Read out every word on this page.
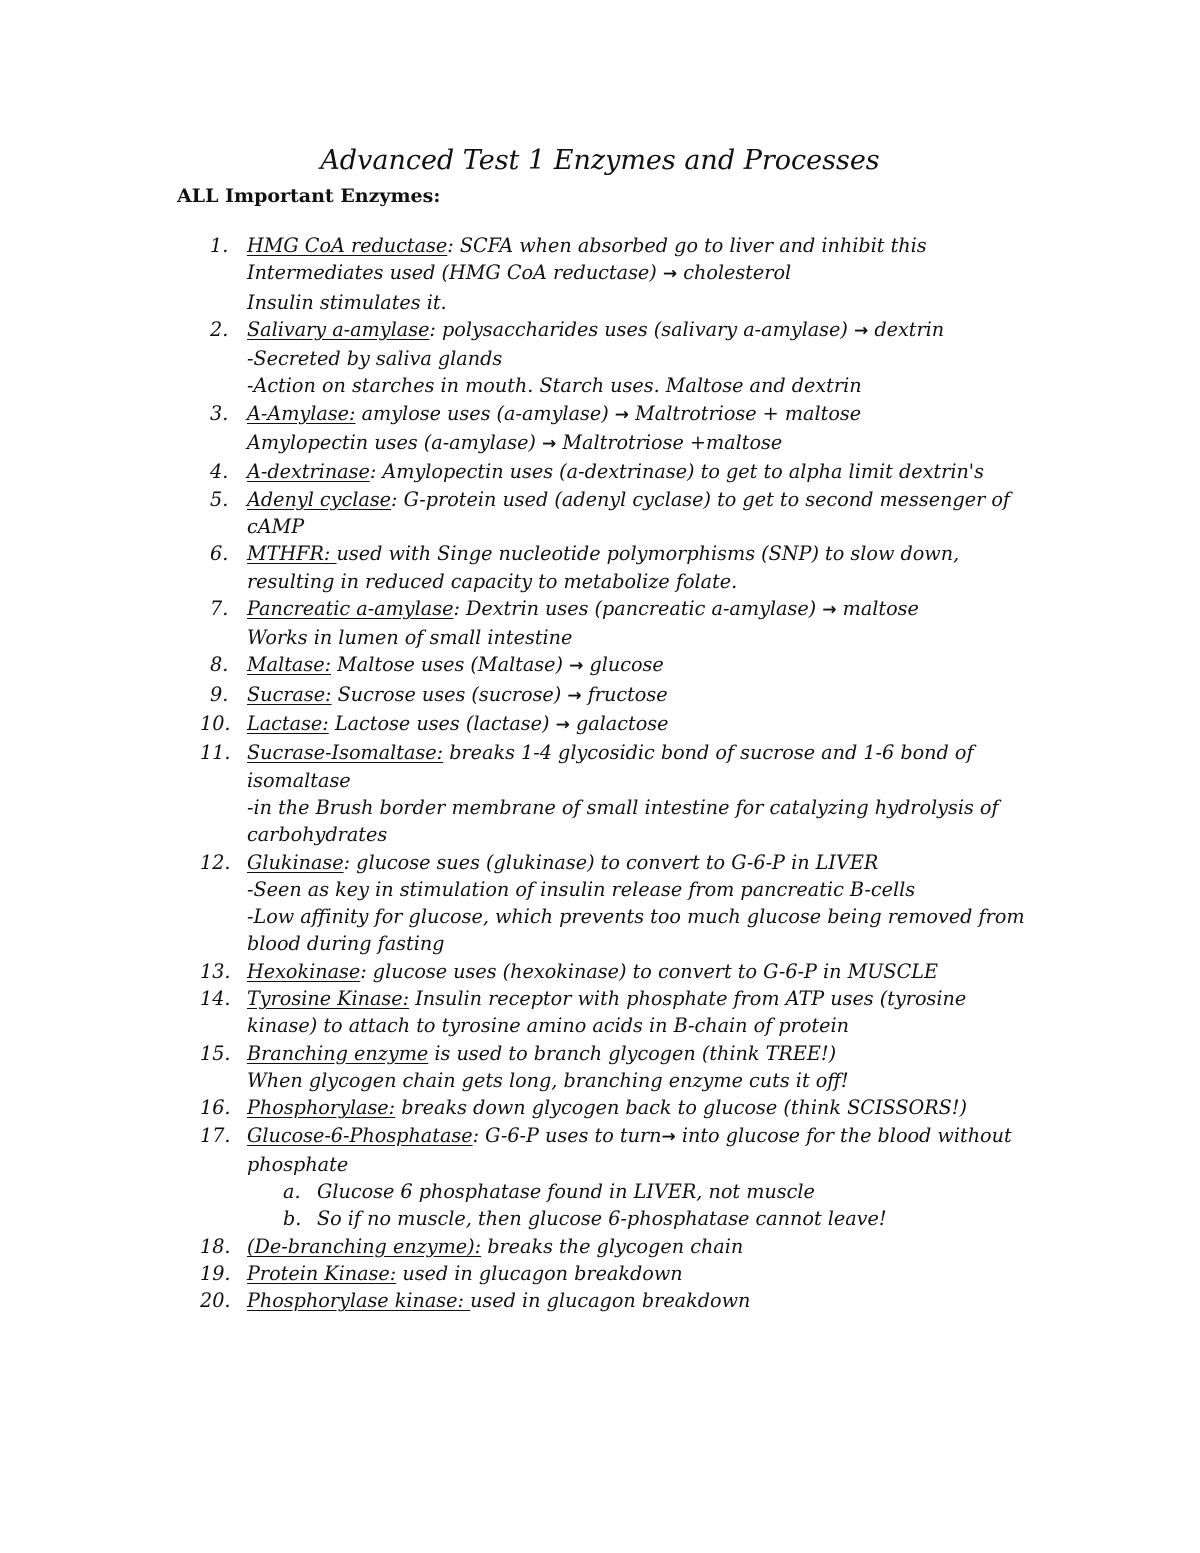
Advanced Test 1 Enzymes and Processes
ALL Important Enzymes:
1. HMG CoA reductase: SCFA when absorbed go to liver and inhibit this
Intermediates used (HMG CoA reductase) → cholesterol
Insulin stimulates it.
2. Salivary a-amylase: polysaccharides uses (salivary a-amylase) → dextrin
-Secreted by saliva glands
-Action on starches in mouth. Starch uses. Maltose and dextrin
3. A-Amylase: amylose uses (a-amylase) → Maltrotriose + maltose
Amylopectin uses (a-amylase) → Maltrotriose +maltose
4. A-dextrinase: Amylopectin uses (a-dextrinase) to get to alpha limit dextrin's
5. Adenyl cyclase: G-protein used (adenyl cyclase) to get to second messenger of
cAMP
6. MTHFR: used with Singe nucleotide polymorphisms (SNP) to slow down,
resulting in reduced capacity to metabolize folate.
7. Pancreatic a-amylase: Dextrin uses (pancreatic a-amylase) → maltose
Works in lumen of small intestine
8. Maltase: Maltose uses (Maltase) → glucose
9. Sucrase: Sucrose uses (sucrose) → fructose
10. Lactase: Lactose uses (lactase) → galactose
11. Sucrase-Isomaltase: breaks 1-4 glycosidic bond of sucrose and 1-6 bond of
isomaltase
-in the Brush border membrane of small intestine for catalyzing hydrolysis of
carbohydrates
12. Glukinase: glucose sues (glukinase) to convert to G-6-P in LIVER
-Seen as key in stimulation of insulin release from pancreatic B-cells
-Low affinity for glucose, which prevents too much glucose being removed from
blood during fasting
13. Hexokinase: glucose uses (hexokinase) to convert to G-6-P in MUSCLE
14. Tyrosine Kinase: Insulin receptor with phosphate from ATP uses (tyrosine
kinase) to attach to tyrosine amino acids in B-chain of protein
15. Branching enzyme is used to branch glycogen (think TREE!)
When glycogen chain gets long, branching enzyme cuts it off!
16. Phosphorylase: breaks down glycogen back to glucose (think SCISSORS!)
17. Glucose-6-Phosphatase: G-6-P uses to turn→ into glucose for the blood without
phosphate
a. Glucose 6 phosphatase found in LIVER, not muscle
b. So if no muscle, then glucose 6-phosphatase cannot leave!
18. (De-branching enzyme): breaks the glycogen chain
19. Protein Kinase: used in glucagon breakdown
20. Phosphorylase kinase: used in glucagon breakdown
